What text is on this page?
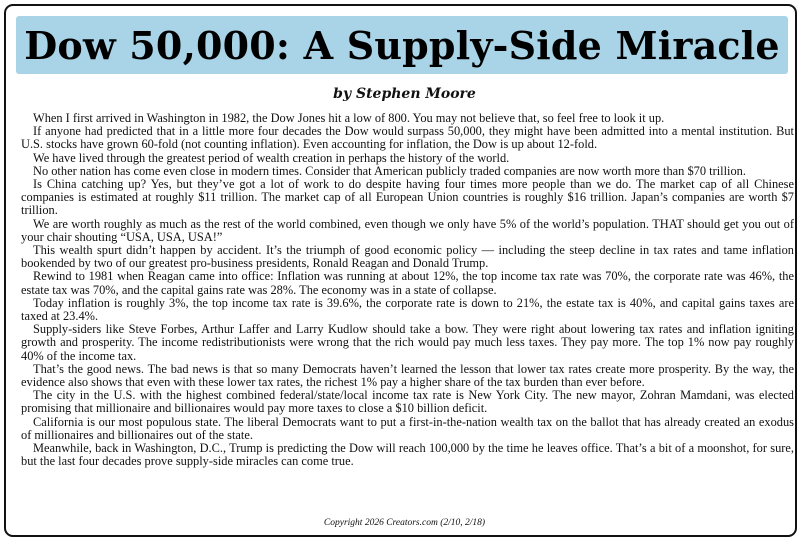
Dow 50,000: A Supply-Side Miracle
by Stephen Moore

When I first arrived in Washington in 1982, the Dow Jones hit a low of 800. You may not believe that, so feel free to look it up.

If anyone had predicted that in a little more four decades the Dow would surpass 50,000, they might have been admitted into a mental institution. But U.S. stocks have grown 60-fold (not counting inflation). Even accounting for inflation, the Dow is up about 12-fold.

We have lived through the greatest period of wealth creation in perhaps the history of the world.

No other nation has come even close in modern times. Consider that American publicly traded companies are now worth more than $70 trillion.

Is China catching up? Yes, but they’ve got a lot of work to do despite having four times more people than we do. The market cap of all Chinese companies is estimated at roughly $11 trillion. The market cap of all European Union countries is roughly $16 trillion. Japan’s companies are worth $7 trillion.

We are worth roughly as much as the rest of the world combined, even though we only have 5% of the world’s population. THAT should get you out of your chair shouting “USA, USA, USA!”

This wealth spurt didn’t happen by accident. It’s the triumph of good economic policy — including the steep decline in tax rates and tame inflation bookended by two of our greatest pro-business presidents, Ronald Reagan and Donald Trump.

Rewind to 1981 when Reagan came into office: Inflation was running at about 12%, the top income tax rate was 70%, the corporate rate was 46%, the estate tax was 70%, and the capital gains rate was 28%. The economy was in a state of collapse.

Today inflation is roughly 3%, the top income tax rate is 39.6%, the corporate rate is down to 21%, the estate tax is 40%, and capital gains taxes are taxed at 23.4%.

Supply-siders like Steve Forbes, Arthur Laffer and Larry Kudlow should take a bow. They were right about lowering tax rates and inflation igniting growth and prosperity. The income redistributionists were wrong that the rich would pay much less taxes. They pay more. The top 1% now pay roughly 40% of the income tax.

That’s the good news. The bad news is that so many Democrats haven’t learned the lesson that lower tax rates create more prosperity. By the way, the evidence also shows that even with these lower tax rates, the richest 1% pay a higher share of the tax burden than ever before.

The city in the U.S. with the highest combined federal/state/local income tax rate is New York City. The new mayor, Zohran Mamdani, was elected promising that millionaire and billionaires would pay more taxes to close a $10 billion deficit.

California is our most populous state. The liberal Democrats want to put a first-in-the-nation wealth tax on the ballot that has already created an exodus of millionaires and billionaires out of the state.

Meanwhile, back in Washington, D.C., Trump is predicting the Dow will reach 100,000 by the time he leaves office. That’s a bit of a moonshot, for sure, but the last four decades prove supply-side miracles can come true.

Copyright 2026 Creators.com (2/10, 2/18)
